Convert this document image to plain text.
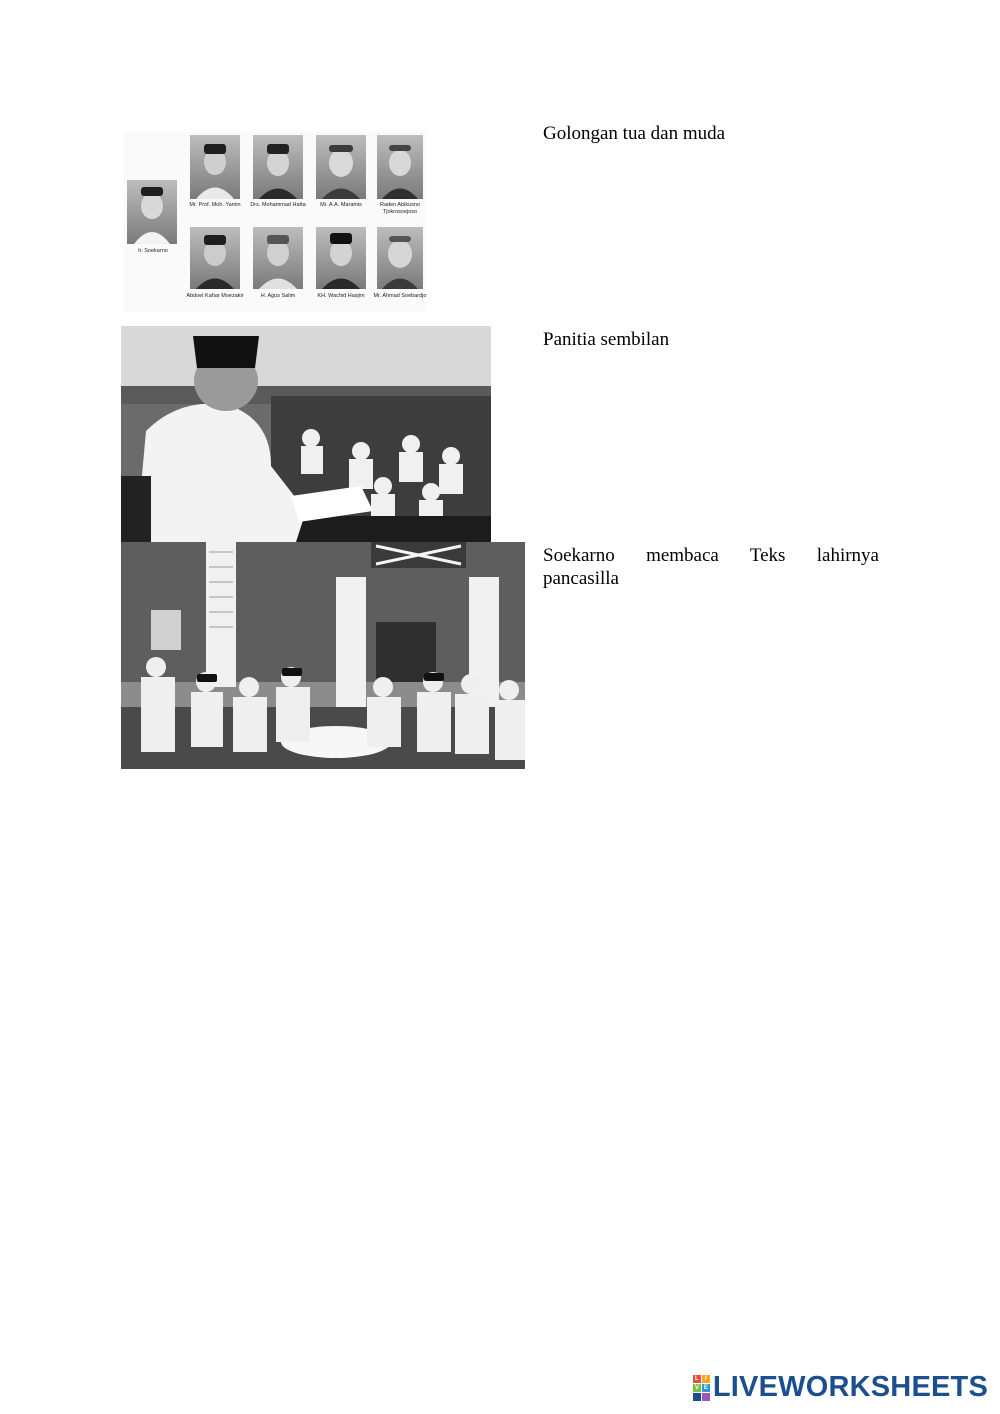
Ir. Soekarno
Mr. Prof. Moh. Yamin	Drs. Mohammad Hatta	Mr. A.A. Maramis	Raden Abikusno Tjokrosoejoso
Abdoel Kahar Moezakir	H. Agus Salim	KH. Wachid Hasjim	Mr. Ahmad Soebardjo
Golongan tua dan muda
Panitia sembilan
Soekarno membaca Teks lahirnya
pancasilla
L	I
V E LIVEWORKSHEETS
